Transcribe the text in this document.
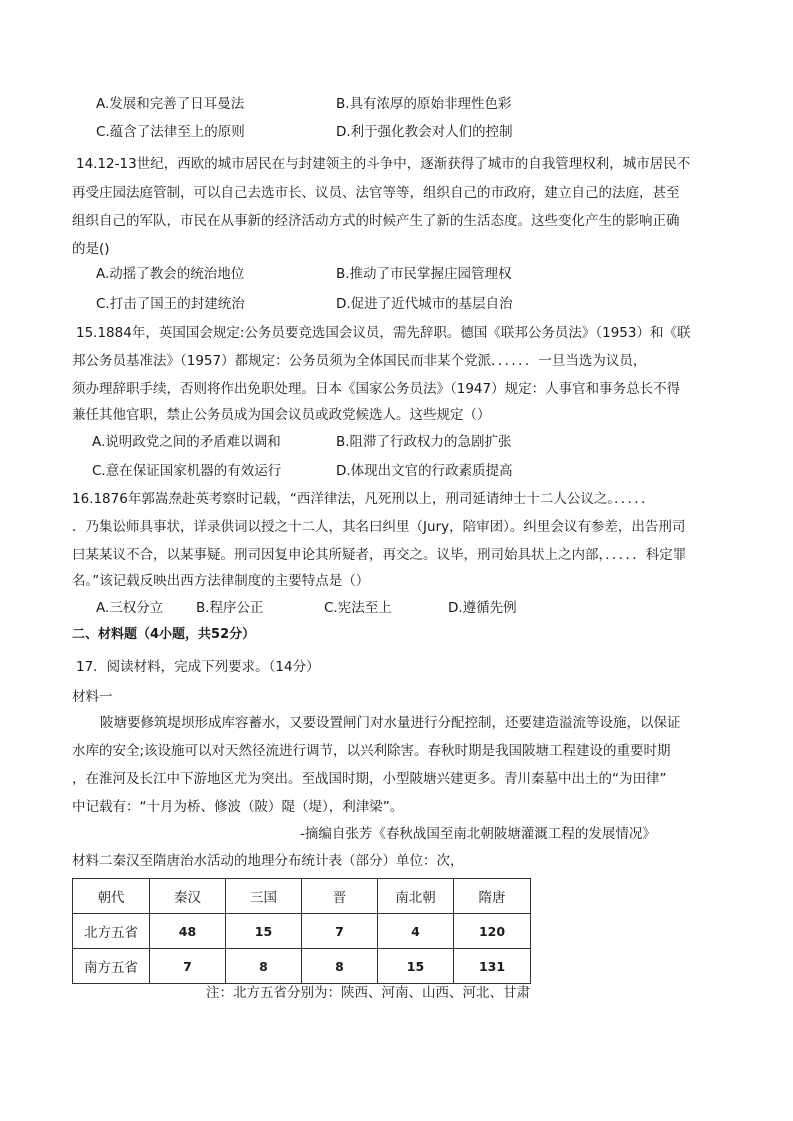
A.发展和完善了日耳曼法	B.具有浓厚的原始非理性色彩
C.蕴含了法律至上的原则	D.利于强化教会对人们的控制
14.12-13世纪，西欧的城市居民在与封建领主的斗争中，逐渐获得了城市的自我管理权利，城市居民不
再受庄园法庭管制，可以自己去选市长、议员、法官等等，组织自己的市政府，建立自己的法庭，甚至
组织自己的军队，市民在从事新的经济活动方式的时候产生了新的生活态度。这些变化产生的影响正确
的是()
A.动摇了教会的统治地位	B.推动了市民掌握庄园管理权
C.打击了国王的封建统治	D.促进了近代城市的基层自治
15.1884年，英国国会规定:公务员要竞选国会议员，需先辞职。德国《联邦公务员法》（1953）和《联
邦公务员基准法》（1957）都规定：公务员须为全体国民而非某个党派．．．．．．一旦当选为议员，
须办理辞职手续，否则将作出免职处理。日本《国家公务员法》（1947）规定：人事官和事务总长不得
兼任其他官职，禁止公务员成为国会议员或政党候选人。这些规定（）
A.说明政党之间的矛盾难以调和	B.阻滞了行政权力的急剧扩张
C.意在保证国家机器的有效运行	D.体现出文官的行政素质提高
16.1876年郭嵩焘赴英考察时记载，“西洋律法，凡死刑以上，刑司延请绅士十二人公议之。．．．．．
．乃集讼师具事状，详录供词以授之十二人，其名曰纠里（Jury，陪审团）。纠里会议有参差，出告刑司
曰某某议不合，以某事疑。刑司因复申论其所疑者，再交之。议毕，刑司始具状上之内部，．．．．．科定罪
名。”该记载反映出西方法律制度的主要特点是（）
A.三权分立 B.程序公正	C.宪法至上	D.遵循先例
二、材料题（4小题，共52分）
17．阅读材料，完成下列要求。（14分）
材料一
陂塘要修筑堤坝形成库容蓄水，又要设置闸门对水量进行分配控制，还要建造溢流等设施，以保证
水库的安全;该设施可以对天然径流进行调节，以兴利除害。春秋时期是我国陂塘工程建设的重要时期
，在淮河及长江中下游地区尤为突出。至战国时期，小型陂塘兴建更多。青川秦墓中出土的“为田律”
中记载有：“十月为桥、修波（陂）隄（堤），利津梁”。
-摘编自张芳《春秋战国至南北朝陂塘灌溉工程的发展情况》
材料二秦汉至隋唐治水活动的地理分布统计表（部分）单位：次，
朝代	秦汉	三国	晋	南北朝	隋唐
北方五省	48	15	7	4	120
南方五省	7	8	8	15	131
注：北方五省分别为：陕西、河南、山西、河北、甘肃
